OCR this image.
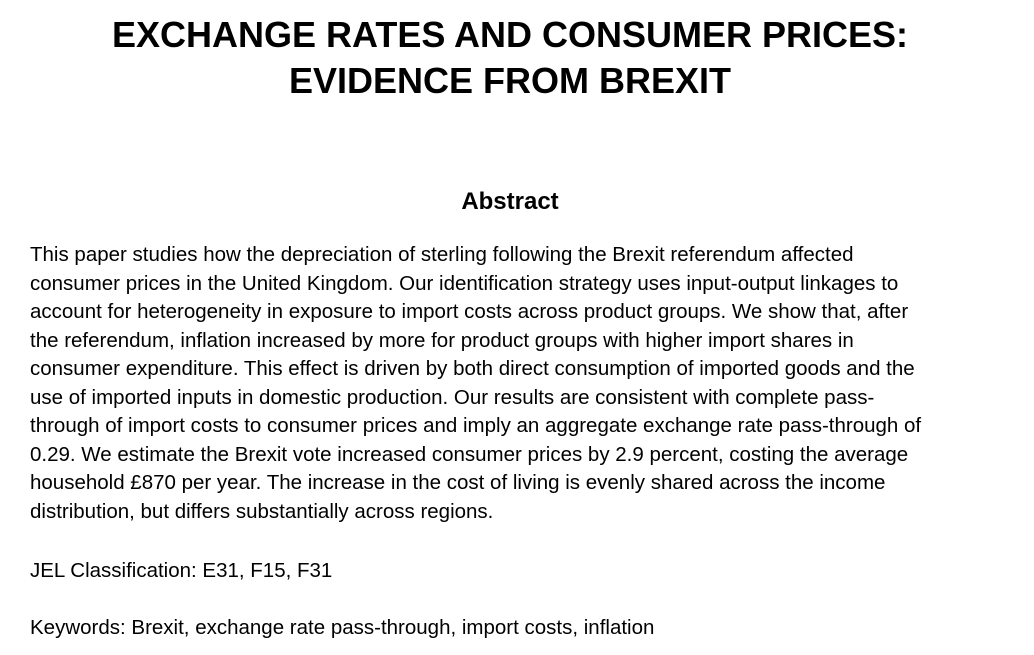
EXCHANGE RATES AND CONSUMER PRICES:
EVIDENCE FROM BREXIT
Abstract

This paper studies how the depreciation of sterling following the Brexit referendum affected
consumer prices in the United Kingdom. Our identification strategy uses input-output linkages to
account for heterogeneity in exposure to import costs across product groups. We show that, after
the referendum, inflation increased by more for product groups with higher import shares in
consumer expenditure. This effect is driven by both direct consumption of imported goods and the
use of imported inputs in domestic production. Our results are consistent with complete pass-
through of import costs to consumer prices and imply an aggregate exchange rate pass-through of
0.29. We estimate the Brexit vote increased consumer prices by 2.9 percent, costing the average
household £870 per year. The increase in the cost of living is evenly shared across the income
distribution, but differs substantially across regions.

JEL Classification: E31, F15, F31

Keywords: Brexit, exchange rate pass-through, import costs, inflation
